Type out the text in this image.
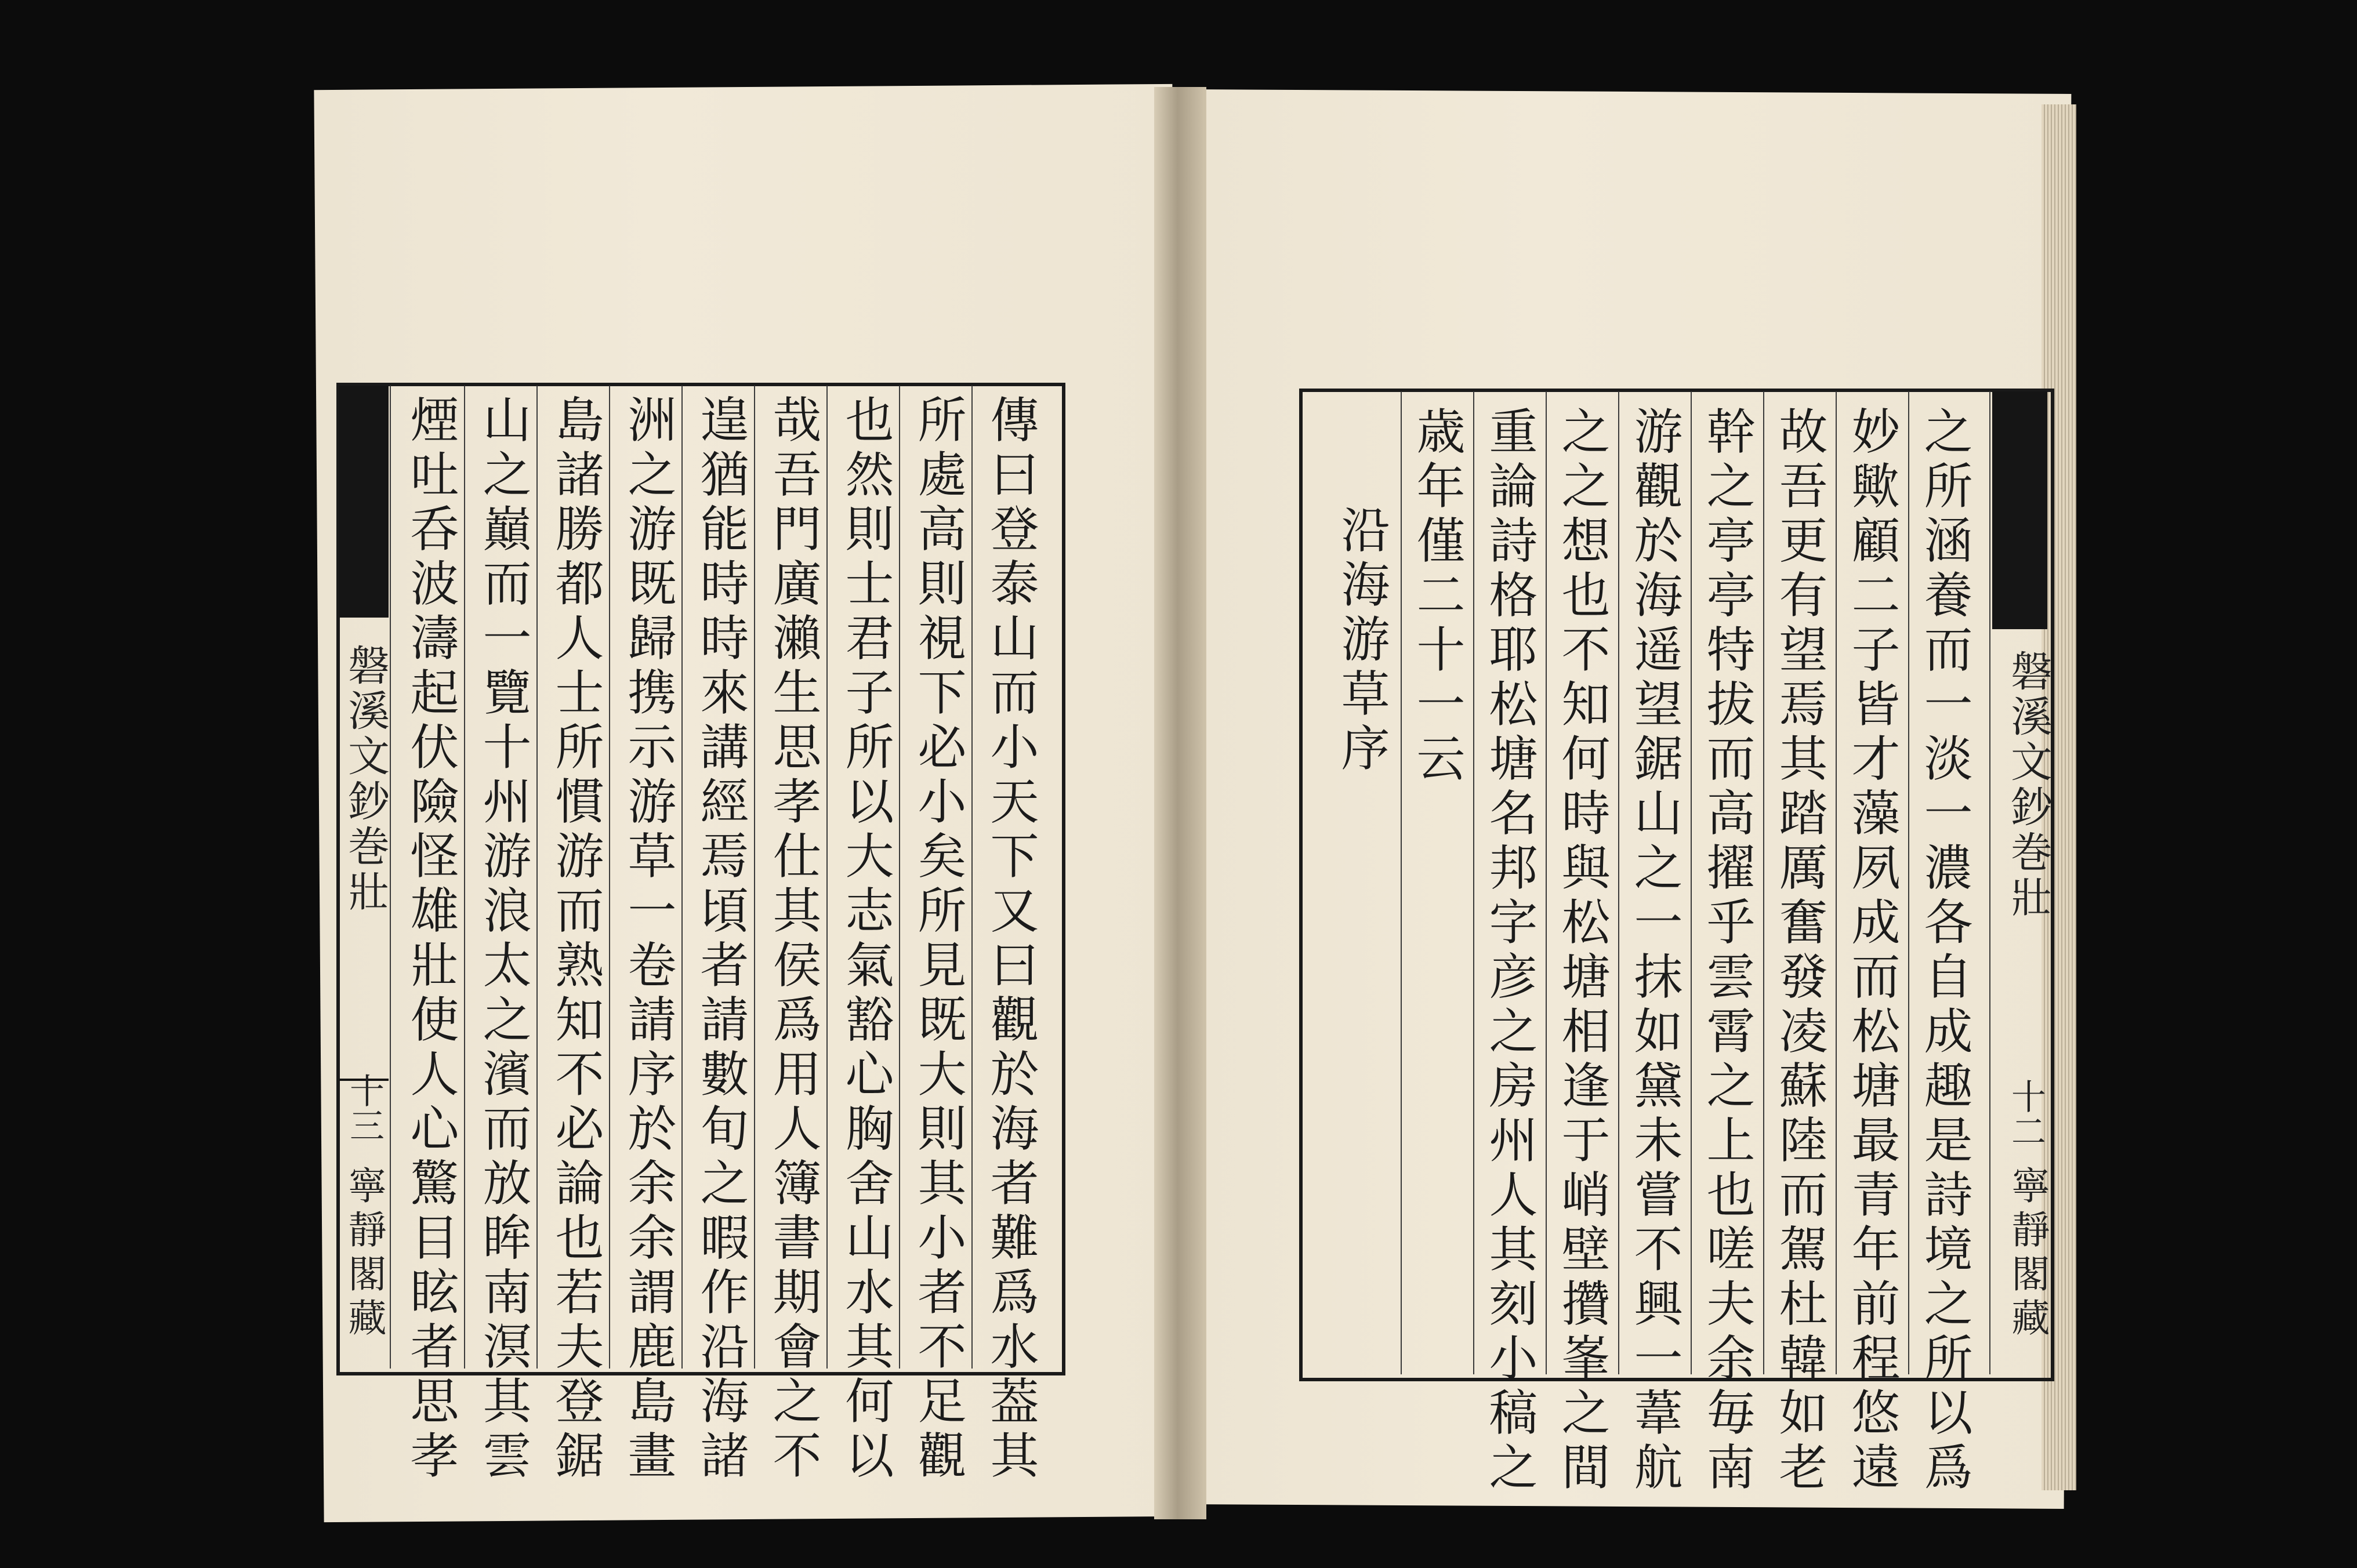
磐溪文鈔巻壯
十三
寧靜閣藏	傳曰登泰山而小天下又曰觀於海者難爲水葢其
所處高則視下必小矣所見既大則其小者不足觀
也然則士君子所以大志氣豁心胸舍山水其何以
哉吾門廣瀨生思孝仕其侯爲用人簿書期會之不
遑猶能時時來講經焉頃者請數旬之暇作沿海諸
洲之游既歸携示游草一卷請序於余余謂鹿島畫
島諸勝都人士所慣游而熟知不必論也若夫登鋸
山之巔而一覽十州游浪太之濱而放眸南溟其雲
煙吐呑波濤起伏險怪雄壯使人心驚目眩者思孝	磐溪文鈔巻壯
十二
寧靜閣藏
之所涵養而一淡一濃各自成趣是詩境之所以爲
妙歟顧二子皆才藻夙成而松塘最青年前程悠遠
故吾更有望焉其踏厲奮發凌蘇陸而駕杜韓如老
幹之亭亭特拔而高擢乎雲霄之上也嗟夫余毎南
游觀於海遥望鋸山之一抹如黛未嘗不興一葦航
之之想也不知何時與松塘相逢于峭壁攢峯之間
重論詩格耶松塘名邦字彦之房州人其刻小稿之
歳年僅二十一云
沿海游草序
